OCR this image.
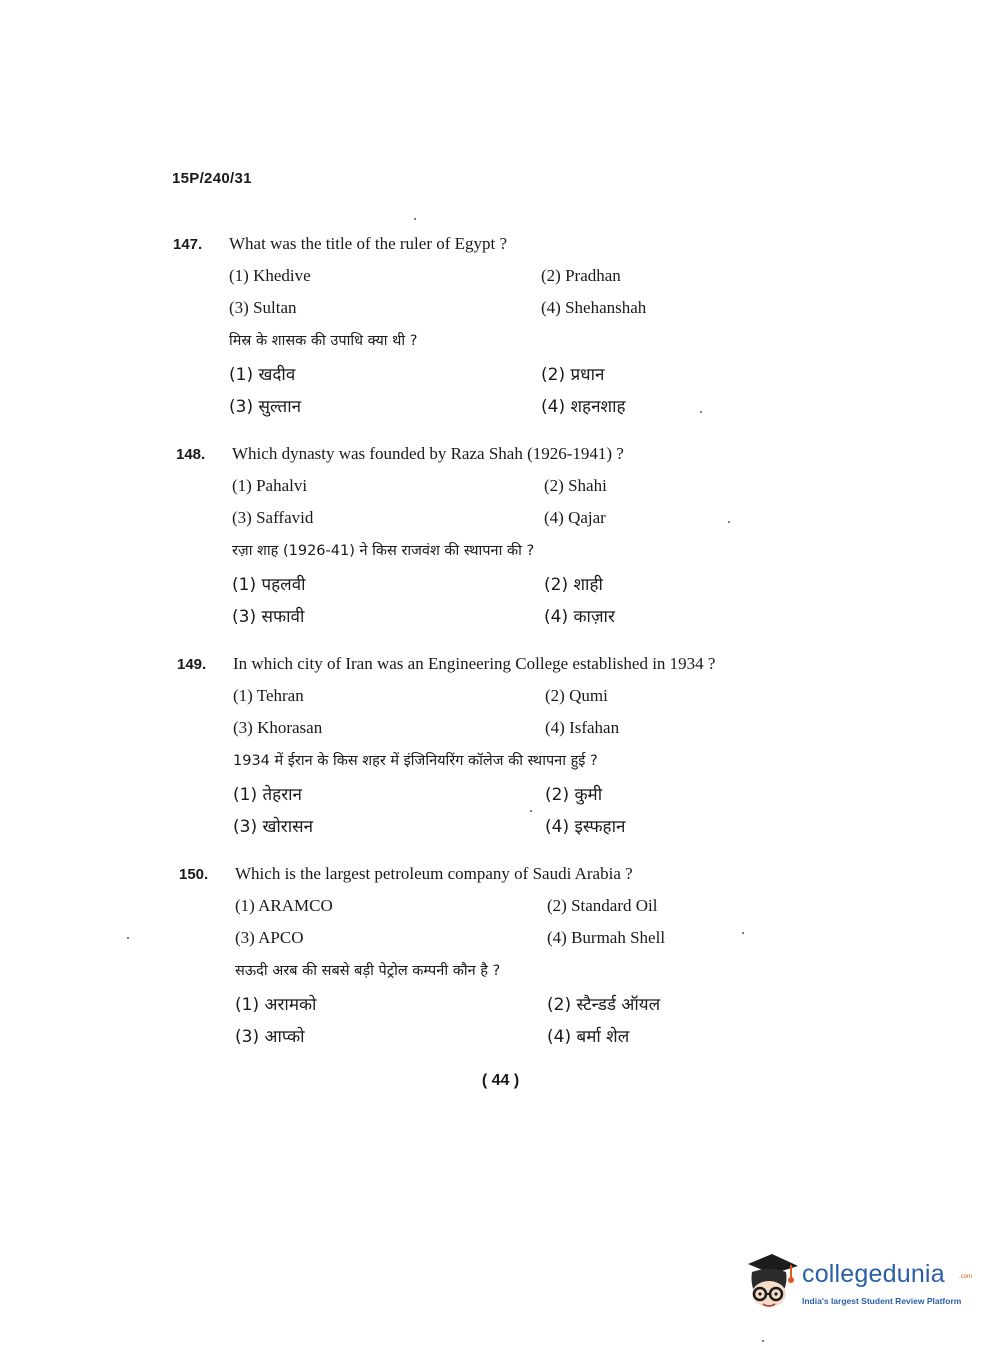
15P/240/31
147. What was the title of the ruler of Egypt ?
(1) Khedive	(2) Pradhan
(3) Sultan	(4) Shehanshah
मिस्र के शासक की उपाधि क्या थी ?
(1) खदीव	(2) प्रधान
(3) सुल्तान	(4) शहनशाह
148. Which dynasty was founded by Raza Shah (1926-1941) ?
(1) Pahalvi	(2) Shahi
(3) Saffavid	(4) Qajar
रज़ा शाह (1926-41) ने किस राजवंश की स्थापना की ?
(1) पहलवी	(2) शाही
(3) सफावी	(4) काज़ार
149. In which city of Iran was an Engineering College established in 1934 ?
(1) Tehran	(2) Qumi
(3) Khorasan	(4) Isfahan
1934 में ईरान के किस शहर में इंजिनियरिंग कॉलेज की स्थापना हुई ?
(1) तेहरान	(2) कुमी
(3) खोरासन	(4) इस्फहान
150. Which is the largest petroleum company of Saudi Arabia ?
(1) ARAMCO	(2) Standard Oil
(3) APCO	(4) Burmah Shell
सऊदी अरब की सबसे बड़ी पेट्रोल कम्पनी कौन है ?
(1) अरामको	(2) स्टैन्डर्ड ऑयल
(3) आप्को	(4) बर्मा शेल
( 44 )
collegedunia .com
India's largest Student Review Platform
